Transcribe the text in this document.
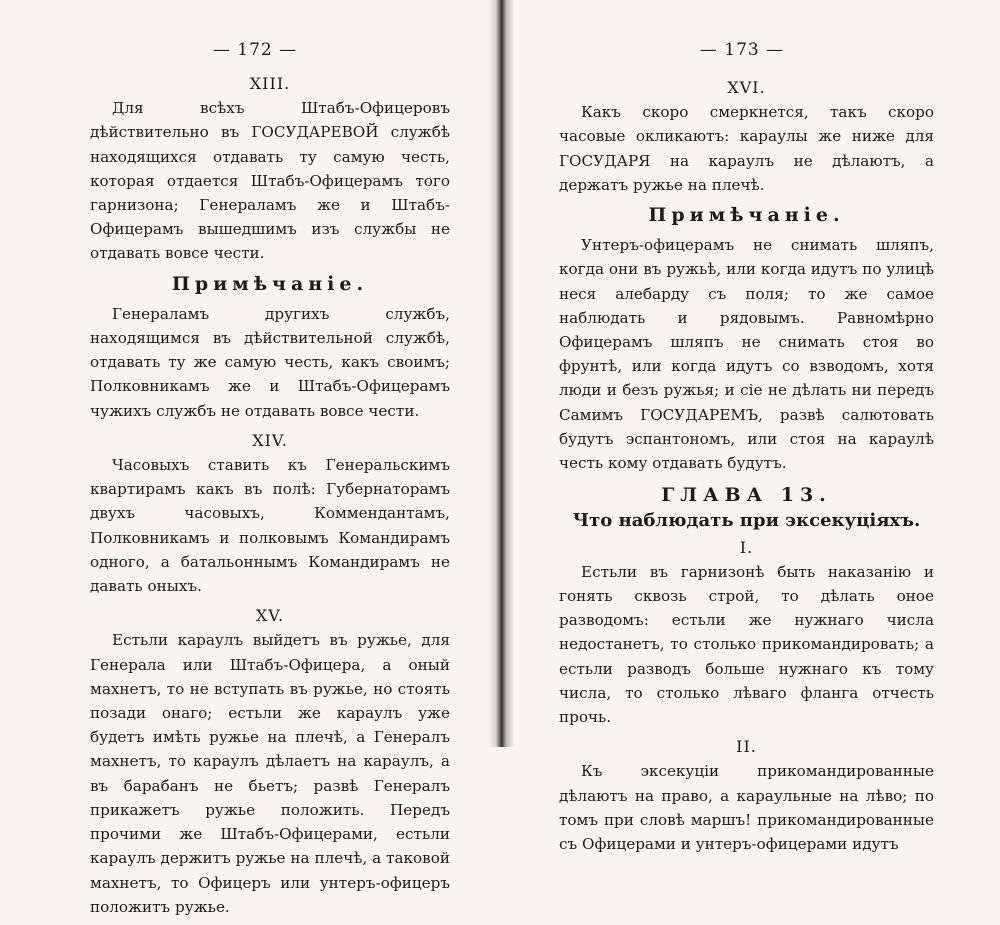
— 172 —
XIII.

Для всѣхъ Штабъ-Офицеровъ дѣйствительно въ ГОСУДАРЕВОЙ службѣ находящихся отдавать ту самую честь, которая отдается Штабъ-Офицерамъ того гарнизона; Генераламъ же и Штабъ-Офицерамъ вышедшимъ изъ службы не отдавать вовсе чести.

Примѣчаніе.

Генераламъ другихъ службъ, находящимся въ дѣйствительной службѣ, отдавать ту же самую честь, какъ своимъ; Полковникамъ же и Штабъ-Офицерамъ чужихъ службъ не отдавать вовсе чести.

XIV.

Часовыхъ ставить къ Генеральскимъ квартирамъ какъ въ полѣ: Губернаторамъ двухъ часовыхъ, Коммендантамъ, Полковникамъ и полковымъ Командирамъ одного, а батальоннымъ Командирамъ не давать оныхъ.

XV.

Естьли караулъ выйдетъ въ ружье, для Генерала или Штабъ-Офицера, а оный махнетъ, то не вступать въ ружье, но стоять позади онаго; естьли же караулъ уже будетъ имѣть ружье на плечѣ, а Генералъ махнетъ, то караулъ дѣлаетъ на караулъ, а въ барабанъ не бьетъ; развѣ Генералъ прикажетъ ружье положить. Передъ прочими же Штабъ-Офицерами, естьли караулъ держитъ ружье на плечѣ, а таковой махнетъ, то Офицеръ или унтеръ-офицеръ положитъ ружье.

— 173 —
XVI.

Какъ скоро смеркнется, такъ скоро часовые окликаютъ: караулы же ниже для ГОСУДАРЯ на караулъ не дѣлаютъ, а держатъ ружье на плечѣ.

Примѣчаніе.

Унтеръ-офицерамъ не снимать шляпъ, когда они въ ружьѣ, или когда идутъ по улицѣ неся алебарду съ поля; то же самое наблюдать и рядовымъ. Равномѣрно Офицерамъ шляпъ не снимать стоя во фрунтѣ, или когда идутъ со взводомъ, хотя люди и безъ ружья; и сіе не дѣлать ни передъ Самимъ ГОСУДАРЕМЪ, развѣ салютовать будутъ эспантономъ, или стоя на караулѣ честь кому отдавать будутъ.

ГЛАВА 13.
Что наблюдать при эксекуціяхъ.
I.

Естьли въ гарнизонѣ быть наказанію и гонять сквозь строй, то дѣлать оное разводомъ: естьли же нужнаго числа недостанетъ, то столько прикомандировать; а естьли разводъ больше нужнаго къ тому числа, то столько лѣваго фланга отчесть прочь.

II.

Къ эксекуціи прикомандированные дѣлаютъ на право, а караульные на лѣво; по томъ при словѣ маршъ! прикомандированные съ Офицерами и унтеръ-офицерами идутъ
